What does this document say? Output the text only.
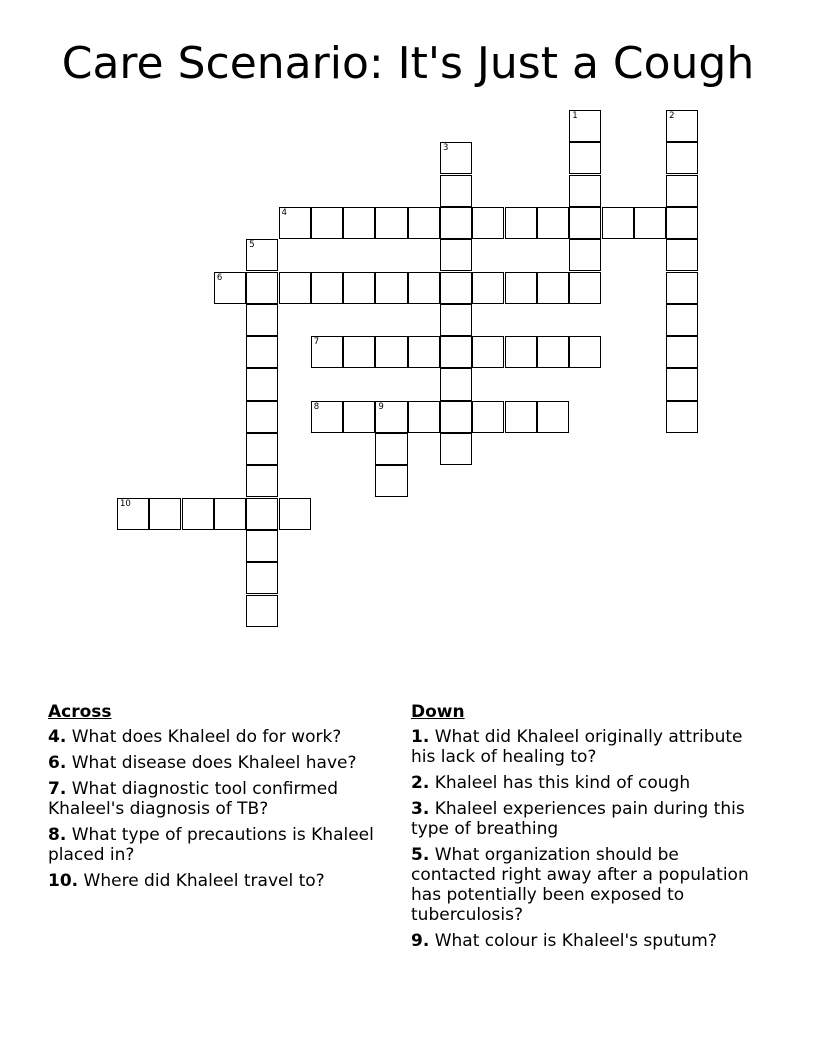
Care Scenario: It's Just a Cough
1	2
3
4
5
6
7
8	9
10
Across
4. What does Khaleel do for work?
6. What disease does Khaleel have?
7. What diagnostic tool confirmed Khaleel's diagnosis of TB?
8. What type of precautions is Khaleel placed in?
10. Where did Khaleel travel to?
Down
1. What did Khaleel originally attribute his lack of healing to?
2. Khaleel has this kind of cough
3. Khaleel experiences pain during this type of breathing
5. What organization should be contacted right away after a population has potentially been exposed to tuberculosis?
9. What colour is Khaleel's sputum?
